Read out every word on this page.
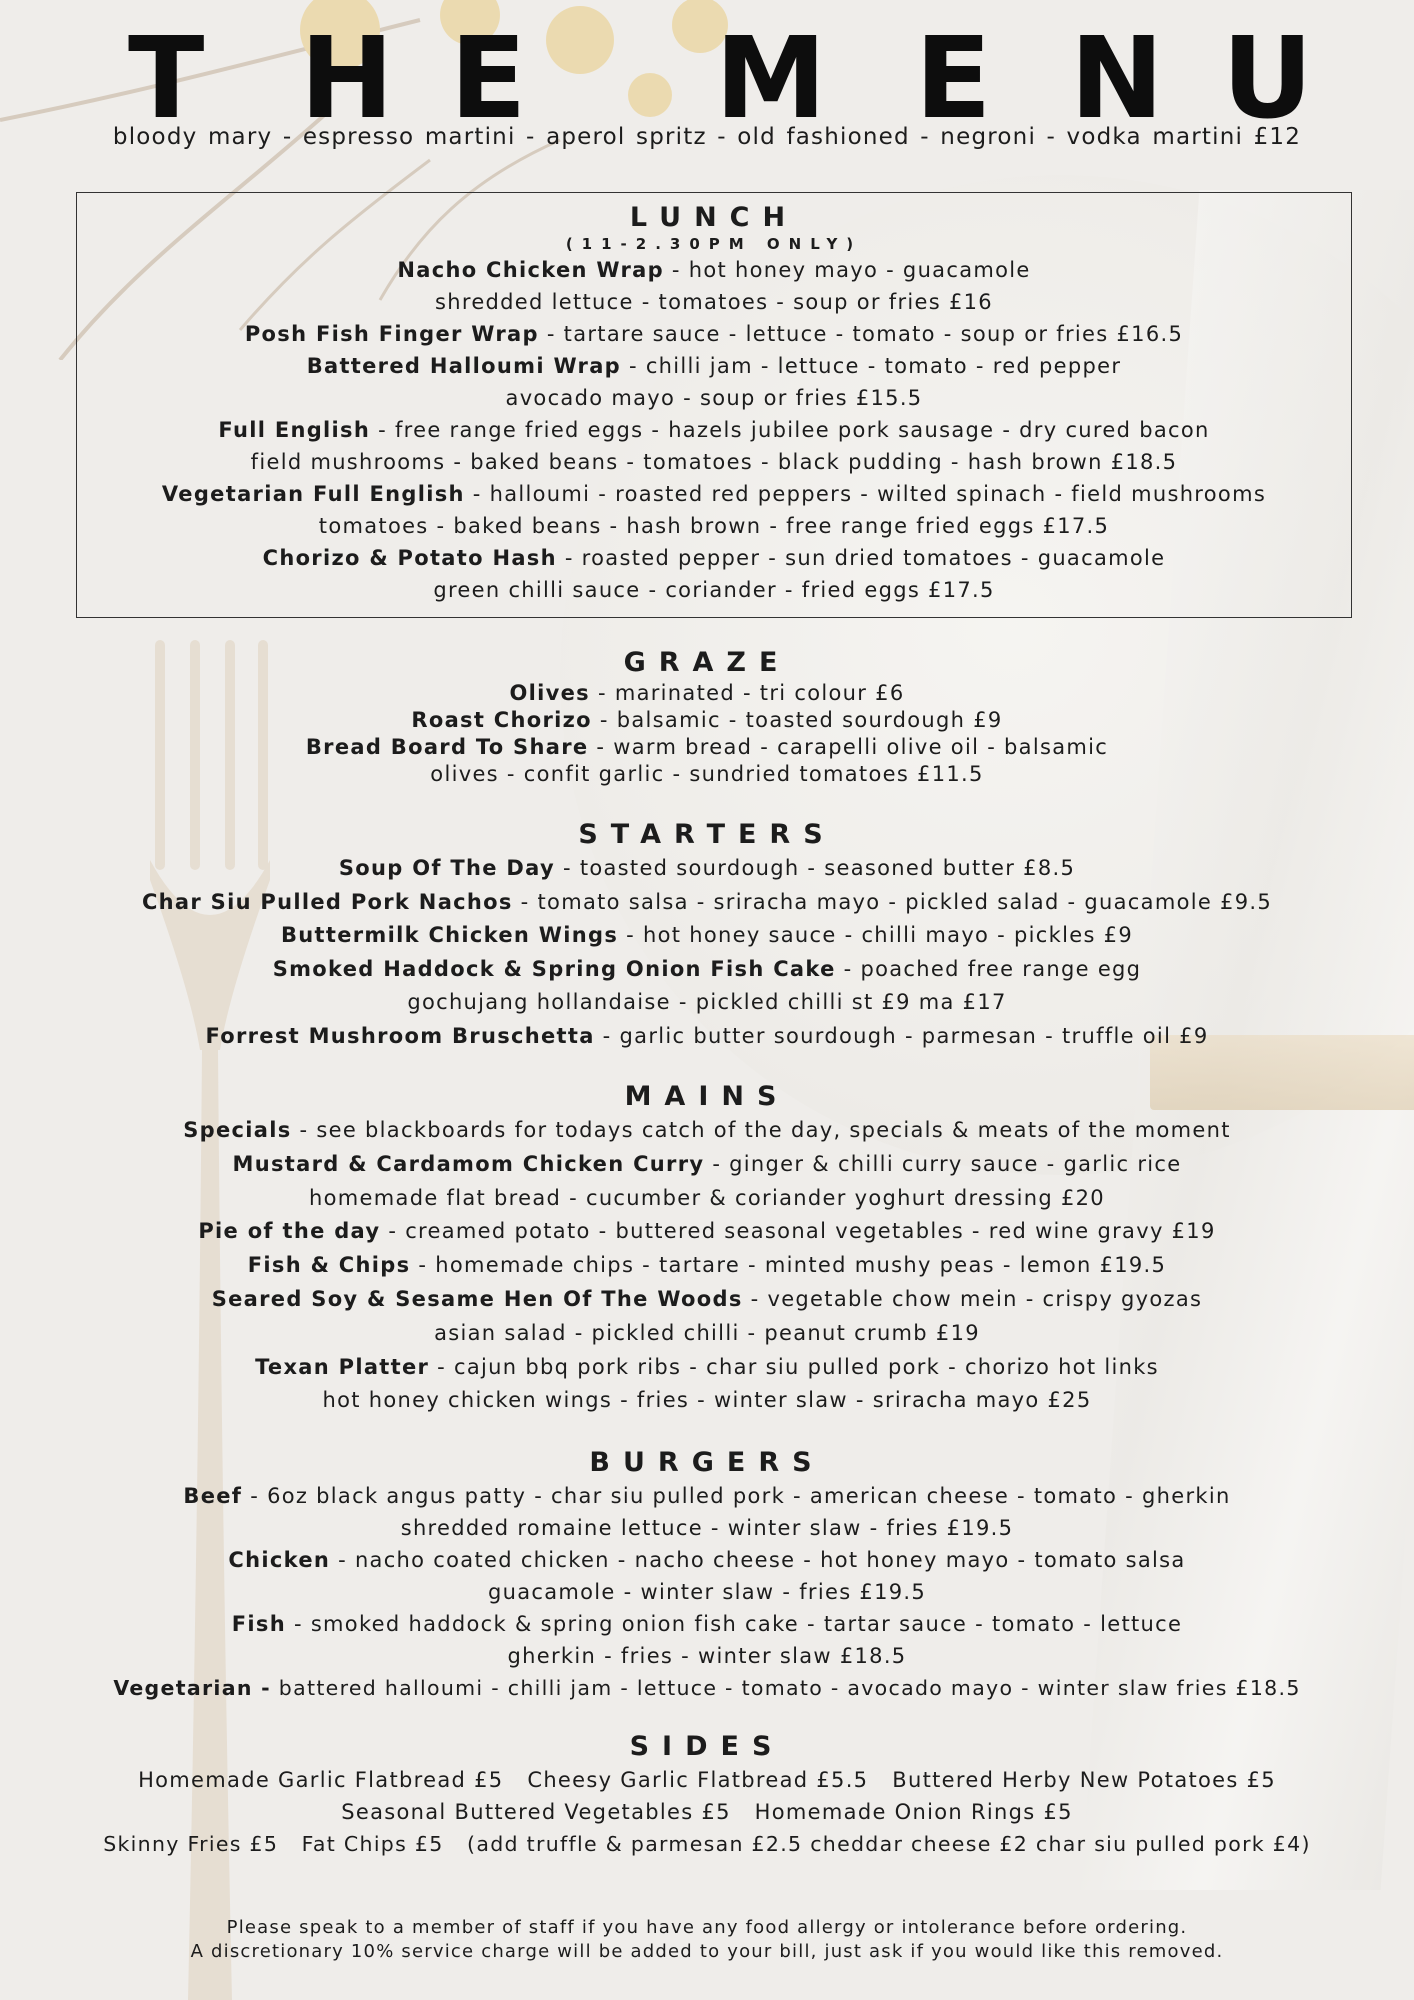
T H E M E N U
bloody mary - espresso martini - aperol spritz - old fashioned - negroni - vodka martini £12
LUNCH
(11-2.30PM ONLY)
Nacho Chicken Wrap - hot honey mayo - guacamole
shredded lettuce - tomatoes - soup or fries £16
Posh Fish Finger Wrap - tartare sauce - lettuce - tomato - soup or fries £16.5
Battered Halloumi Wrap - chilli jam - lettuce - tomato - red pepper
avocado mayo - soup or fries £15.5
Full English - free range fried eggs - hazels jubilee pork sausage - dry cured bacon
field mushrooms - baked beans - tomatoes - black pudding - hash brown £18.5
Vegetarian Full English - halloumi - roasted red peppers - wilted spinach - field mushrooms
tomatoes - baked beans - hash brown - free range fried eggs £17.5
Chorizo & Potato Hash - roasted pepper - sun dried tomatoes - guacamole
green chilli sauce - coriander - fried eggs £17.5
GRAZE
Olives - marinated - tri colour £6
Roast Chorizo - balsamic - toasted sourdough £9
Bread Board To Share - warm bread - carapelli olive oil - balsamic
olives - confit garlic - sundried tomatoes £11.5
STARTERS
Soup Of The Day - toasted sourdough - seasoned butter £8.5
Char Siu Pulled Pork Nachos - tomato salsa - sriracha mayo - pickled salad - guacamole £9.5
Buttermilk Chicken Wings - hot honey sauce - chilli mayo - pickles £9
Smoked Haddock & Spring Onion Fish Cake - poached free range egg
gochujang hollandaise - pickled chilli st £9 ma £17
Forrest Mushroom Bruschetta - garlic butter sourdough - parmesan - truffle oil £9
MAINS
Specials - see blackboards for todays catch of the day, specials & meats of the moment
Mustard & Cardamom Chicken Curry - ginger & chilli curry sauce - garlic rice
homemade flat bread - cucumber & coriander yoghurt dressing £20
Pie of the day - creamed potato - buttered seasonal vegetables - red wine gravy £19
Fish & Chips - homemade chips - tartare - minted mushy peas - lemon £19.5
Seared Soy & Sesame Hen Of The Woods - vegetable chow mein - crispy gyozas
asian salad - pickled chilli - peanut crumb £19
Texan Platter - cajun bbq pork ribs - char siu pulled pork - chorizo hot links
hot honey chicken wings - fries - winter slaw - sriracha mayo £25
BURGERS
Beef - 6oz black angus patty - char siu pulled pork - american cheese - tomato - gherkin
shredded romaine lettuce - winter slaw - fries £19.5
Chicken - nacho coated chicken - nacho cheese - hot honey mayo - tomato salsa
guacamole - winter slaw - fries £19.5
Fish - smoked haddock & spring onion fish cake - tartar sauce - tomato - lettuce
gherkin - fries - winter slaw £18.5
Vegetarian - battered halloumi - chilli jam - lettuce - tomato - avocado mayo - winter slaw fries £18.5
SIDES
Homemade Garlic Flatbread £5   Cheesy Garlic Flatbread £5.5   Buttered Herby New Potatoes £5
Seasonal Buttered Vegetables £5   Homemade Onion Rings £5
Skinny Fries £5   Fat Chips £5   (add truffle & parmesan £2.5 cheddar cheese £2 char siu pulled pork £4)
Please speak to a member of staff if you have any food allergy or intolerance before ordering.
A discretionary 10% service charge will be added to your bill, just ask if you would like this removed.
